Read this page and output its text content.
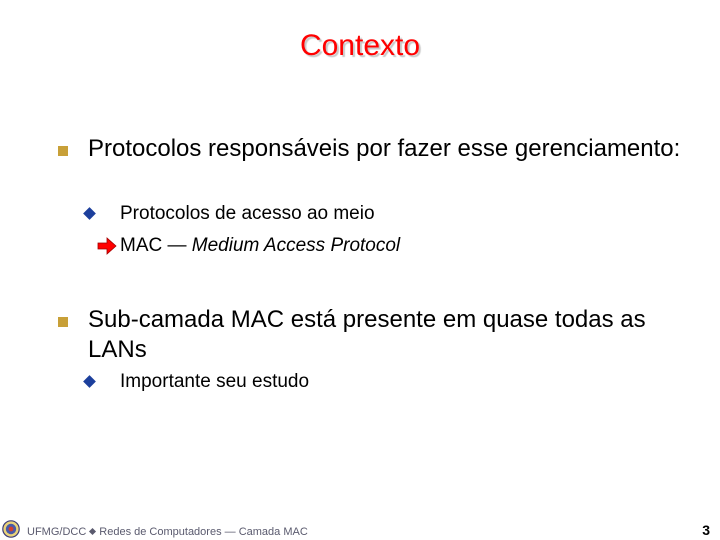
Contexto
Protocolos responsáveis por fazer esse gerenciamento:
Protocolos de acesso ao meio
MAC — Medium Access Protocol
Sub-camada MAC está presente em quase todas as LANs
Importante seu estudo
UFMG/DCC Redes de Computadores — Camada MAC	3
